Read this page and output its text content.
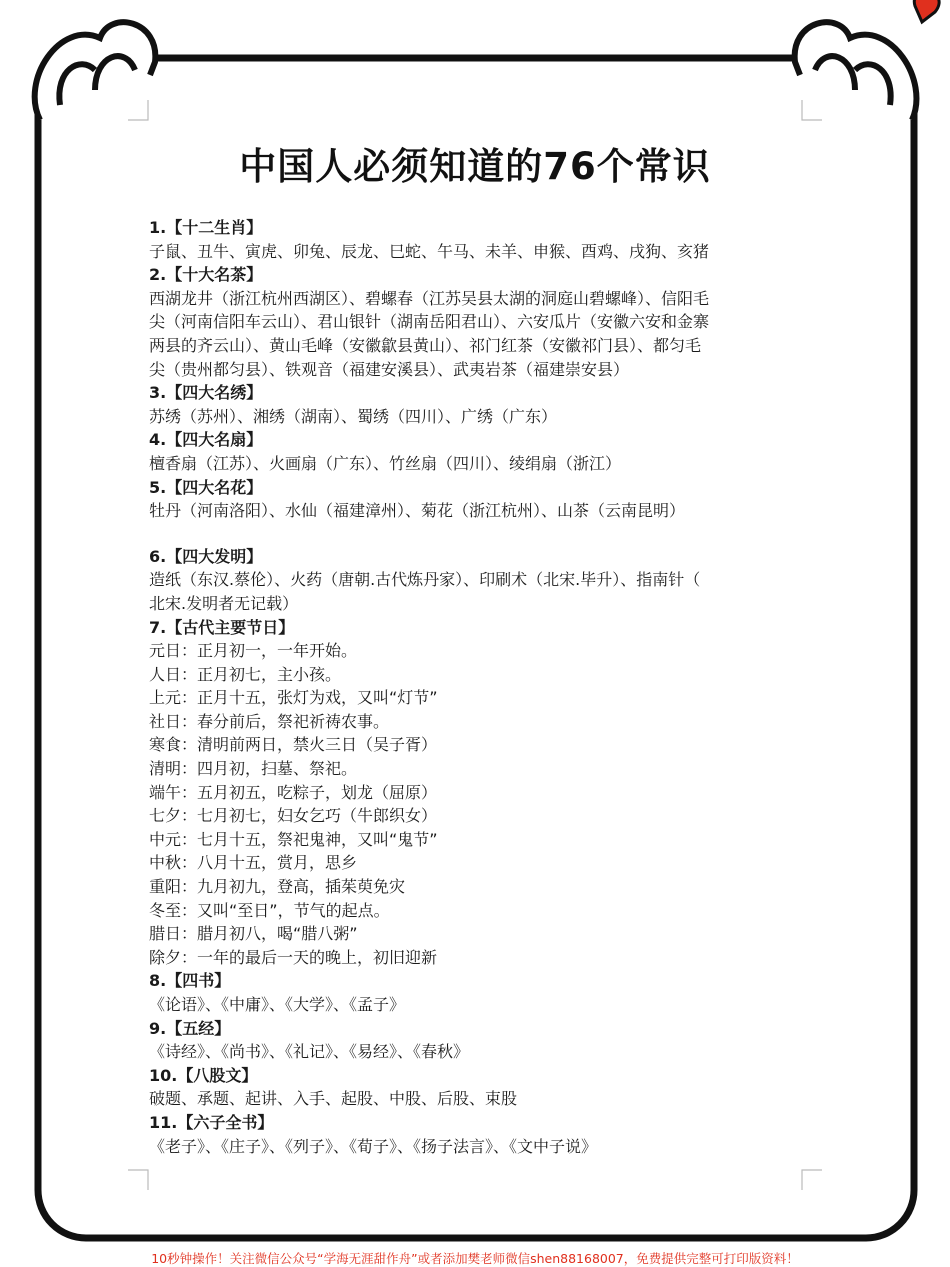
中国人必须知道的76个常识
1.【十二生肖】
子鼠、丑牛、寅虎、卯兔、辰龙、巳蛇、午马、未羊、申猴、酉鸡、戌狗、亥猪
2.【十大名茶】
西湖龙井（浙江杭州西湖区）、碧螺春（江苏吴县太湖的洞庭山碧螺峰）、信阳毛
尖（河南信阳车云山）、君山银针（湖南岳阳君山）、六安瓜片（安徽六安和金寨
两县的齐云山）、黄山毛峰（安徽歙县黄山）、祁门红茶（安徽祁门县）、都匀毛
尖（贵州都匀县）、铁观音（福建安溪县）、武夷岩茶（福建崇安县）
3.【四大名绣】
苏绣（苏州）、湘绣（湖南）、蜀绣（四川）、广绣（广东）
4.【四大名扇】
檀香扇（江苏）、火画扇（广东）、竹丝扇（四川）、绫绢扇（浙江）
5.【四大名花】
牡丹（河南洛阳）、水仙（福建漳州）、菊花（浙江杭州）、山茶（云南昆明）
6.【四大发明】
造纸（东汉.蔡伦）、火药（唐朝.古代炼丹家）、印刷术（北宋.毕升）、指南针（
北宋.发明者无记载）
7.【古代主要节日】
元日：正月初一，一年开始。
人日：正月初七，主小孩。
上元：正月十五，张灯为戏，又叫“灯节”
社日：春分前后，祭祀祈祷农事。
寒食：清明前两日，禁火三日（吴子胥）
清明：四月初，扫墓、祭祀。
端午：五月初五，吃粽子，划龙（屈原）
七夕：七月初七，妇女乞巧（牛郎织女）
中元：七月十五，祭祀鬼神，又叫“鬼节”
中秋：八月十五，赏月，思乡
重阳：九月初九，登高，插茱萸免灾
冬至：又叫“至日”，节气的起点。
腊日：腊月初八，喝“腊八粥”
除夕：一年的最后一天的晚上，初旧迎新
8.【四书】
《论语》、《中庸》、《大学》、《孟子》
9.【五经】
《诗经》、《尚书》、《礼记》、《易经》、《春秋》
10.【八股文】
破题、承题、起讲、入手、起股、中股、后股、束股
11.【六子全书】
《老子》、《庄子》、《列子》、《荀子》、《扬子法言》、《文中子说》
10秒钟操作！关注微信公众号“学海无涯甜作舟”或者添加樊老师微信shen88168007，免费提供完整可打印版资料！
